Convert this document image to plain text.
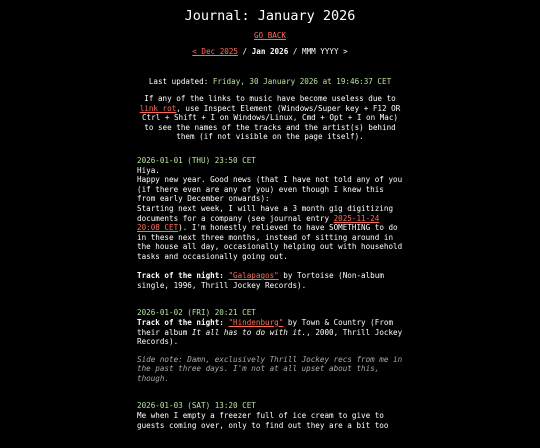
Journal: January 2026
GO BACK
< Dec 2025 / Jan 2026 / MMM YYYY >
Last updated: Friday, 30 January 2026 at 19:46:37 CET
If any of the links to music have become useless due to link rot, use Inspect Element (Windows/Super key + F12 OR Ctrl + Shift + I on Windows/Linux, Cmd + Opt + I on Mac) to see the names of the tracks and the artist(s) behind them (if not visible on the page itself).
2026-01-01 (THU) 23:50 CET

Hiya.

Happy new year. Good news (that I have not told any of you (if there even are any of you) even though I knew this from early December onwards):

Starting next week, I will have a 3 month gig digitizing documents for a company (see journal entry 2025-11-24 20:08 CET). I'm honestly relieved to have SOMETHING to do in these next three months, instead of sitting around in the house all day, occasionally helping out with household tasks and occasionally going out.

Track of the night: "Galapagos" by Tortoise (Non-album single, 1996, Thrill Jockey Records).

2026-01-02 (FRI) 20:21 CET

Track of the night: "Hindenburg" by Town & Country (From their album It all has to do with it., 2000, Thrill Jockey Records).

Side note: Damn, exclusively Thrill Jockey recs from me in the past three days. I'm not at all upset about this, though.

2026-01-03 (SAT) 13:20 CET

Me when I empty a freezer full of ice cream to give to guests coming over, only to find out they are a bit too
